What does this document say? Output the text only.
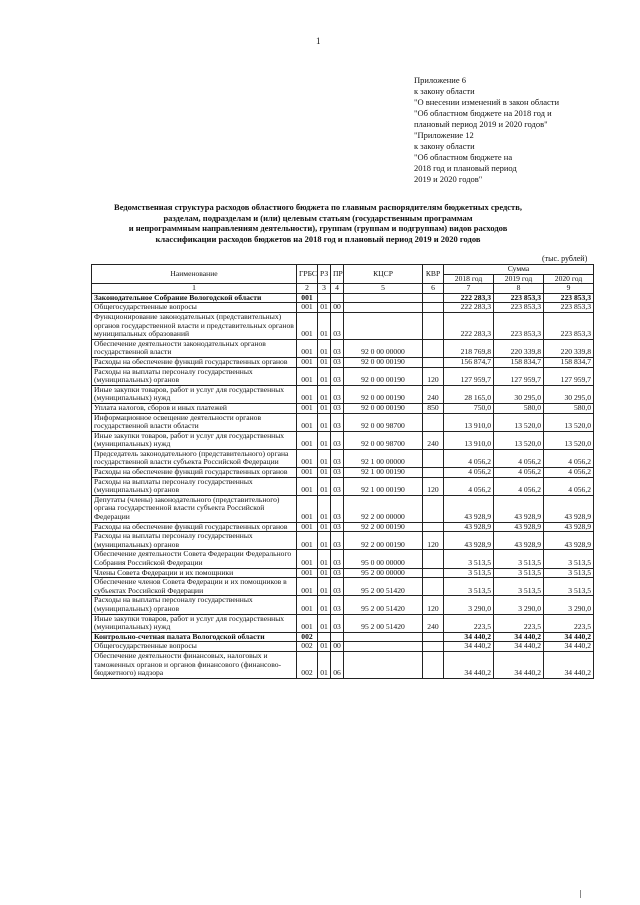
1
Приложение 6
к закону области
"О внесении изменений в закон области
"Об областном бюджете на 2018 год и
плановый период 2019 и 2020 годов"
"Приложение 12
к закону области
"Об областном бюджете на
2018 год и плановый период
2019 и 2020 годов"
Ведомственная структура расходов областного бюджета по главным распорядителям бюджетных средств,
разделам, подразделам и (или) целевым статьям (государственным программам
и непрограммным направлениям деятельности), группам (группам и подгруппам) видов расходов
классификации расходов бюджетов на 2018 год и плановый период 2019 и 2020 годов
(тыс. рублей)
Наименование	ГРБС	РЗ	ПР	КЦСР	КВР	Сумма		
						2018 год	2019 год	2020 год
1	2	3	4	5	6	7	8	9
Законодательное Собрание Вологодской области	001					222 283,3	223 853,3	223 853,3
Общегосударственные вопросы	001	01	00			222 283,3	223 853,3	223 853,3
Функционирование законодательных (представительных) органов государственной власти и представительных органов муниципальных образований	001	01	03			222 283,3	223 853,3	223 853,3
Обеспечение деятельности законодательных органов государственной власти	001	01	03	92 0 00 00000		218 769,8	220 339,8	220 339,8
Расходы на обеспечение функций государственных органов	001	01	03	92 0 00 00190		156 874,7	158 834,7	158 834,7
Расходы на выплаты персоналу государственных (муниципальных) органов	001	01	03	92 0 00 00190	120	127 959,7	127 959,7	127 959,7
Иные закупки товаров, работ и услуг для государственных (муниципальных) нужд	001	01	03	92 0 00 00190	240	28 165,0	30 295,0	30 295,0
Уплата налогов, сборов и иных платежей	001	01	03	92 0 00 00190	850	750,0	580,0	580,0
Информационное освещение деятельности органов государственной власти области	001	01	03	92 0 00 98700		13 910,0	13 520,0	13 520,0
Иные закупки товаров, работ и услуг для государственных (муниципальных) нужд	001	01	03	92 0 00 98700	240	13 910,0	13 520,0	13 520,0
Председатель законодательного (представительного) органа государственной власти субъекта Российской Федерации	001	01	03	92 1 00 00000		4 056,2	4 056,2	4 056,2
Расходы на обеспечение функций государственных органов	001	01	03	92 1 00 00190		4 056,2	4 056,2	4 056,2
Расходы на выплаты персоналу государственных (муниципальных) органов	001	01	03	92 1 00 00190	120	4 056,2	4 056,2	4 056,2
Депутаты (члены) законодательного (представительного) органа государственной власти субъекта Российской Федерации	001	01	03	92 2 00 00000		43 928,9	43 928,9	43 928,9
Расходы на обеспечение функций государственных органов	001	01	03	92 2 00 00190		43 928,9	43 928,9	43 928,9
Расходы на выплаты персоналу государственных (муниципальных) органов	001	01	03	92 2 00 00190	120	43 928,9	43 928,9	43 928,9
Обеспечение деятельности Совета Федерации Федерального Собрания Российской Федерации	001	01	03	95 0 00 00000		3 513,5	3 513,5	3 513,5
Члены Совета Федерации и их помощники	001	01	03	95 2 00 00000		3 513,5	3 513,5	3 513,5
Обеспечение членов Совета Федерации и их помощников в субъектах Российской Федерации	001	01	03	95 2 00 51420		3 513,5	3 513,5	3 513,5
Расходы на выплаты персоналу государственных (муниципальных) органов	001	01	03	95 2 00 51420	120	3 290,0	3 290,0	3 290,0
Иные закупки товаров, работ и услуг для государственных (муниципальных) нужд	001	01	03	95 2 00 51420	240	223,5	223,5	223,5
Контрольно-счетная палата Вологодской области	002					34 440,2	34 440,2	34 440,2
Общегосударственные вопросы	002	01	00			34 440,2	34 440,2	34 440,2
Обеспечение деятельности финансовых, налоговых и таможенных органов и органов финансового (финансово-бюджетного) надзора	002	01	06			34 440,2	34 440,2	34 440,2
